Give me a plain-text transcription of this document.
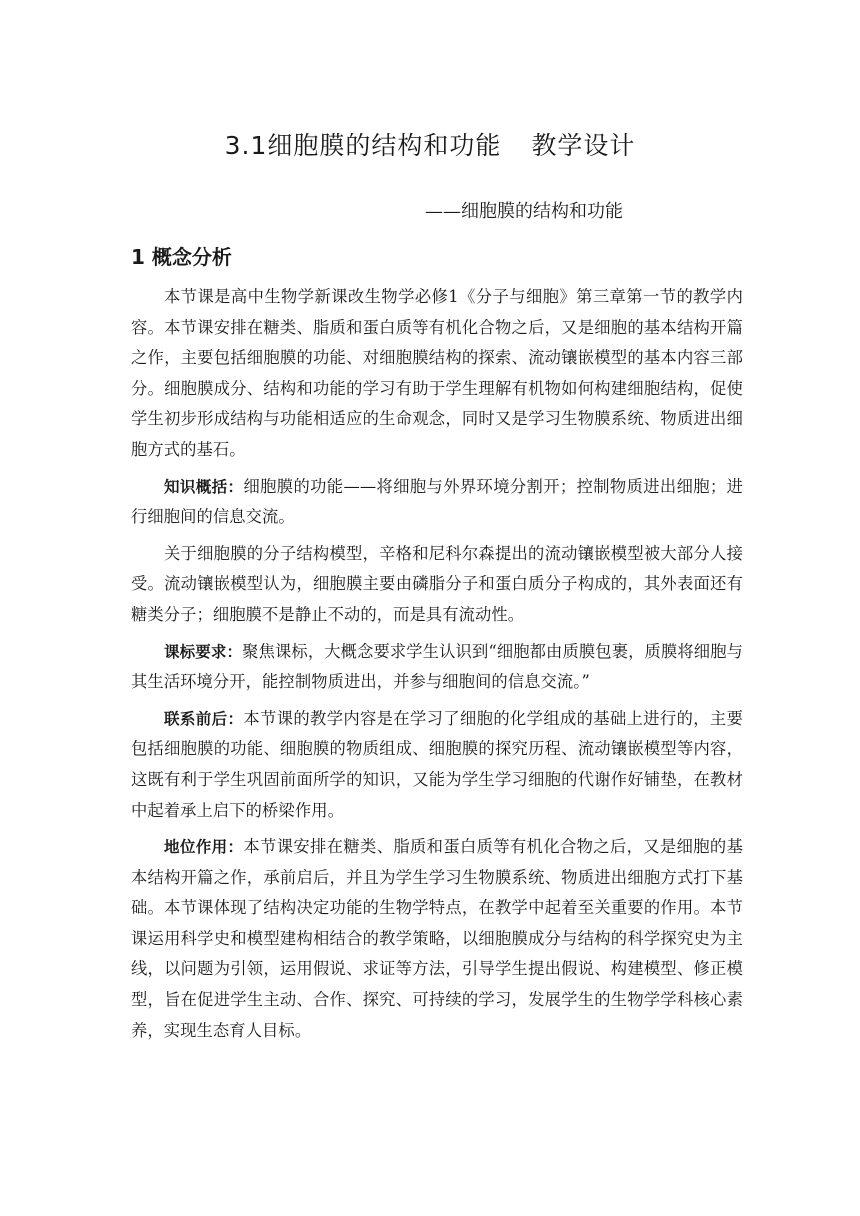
3.1细胞膜的结构和功能 教学设计
——细胞膜的结构和功能
1 概念分析

本节课是高中生物学新课改生物学必修1《分子与细胞》第三章第一节的教学内容。本节课安排在糖类、脂质和蛋白质等有机化合物之后，又是细胞的基本结构开篇之作，主要包括细胞膜的功能、对细胞膜结构的探索、流动镶嵌模型的基本内容三部分。细胞膜成分、结构和功能的学习有助于学生理解有机物如何构建细胞结构，促使学生初步形成结构与功能相适应的生命观念，同时又是学习生物膜系统、物质进出细胞方式的基石。

知识概括：细胞膜的功能——将细胞与外界环境分割开；控制物质进出细胞；进行细胞间的信息交流。

关于细胞膜的分子结构模型，辛格和尼科尔森提出的流动镶嵌模型被大部分人接受。流动镶嵌模型认为，细胞膜主要由磷脂分子和蛋白质分子构成的，其外表面还有糖类分子；细胞膜不是静止不动的，而是具有流动性。

课标要求：聚焦课标，大概念要求学生认识到“细胞都由质膜包裹，质膜将细胞与其生活环境分开，能控制物质进出，并参与细胞间的信息交流。”

联系前后：本节课的教学内容是在学习了细胞的化学组成的基础上进行的，主要包括细胞膜的功能、细胞膜的物质组成、细胞膜的探究历程、流动镶嵌模型等内容，这既有利于学生巩固前面所学的知识，又能为学生学习细胞的代谢作好铺垫，在教材中起着承上启下的桥梁作用。

地位作用：本节课安排在糖类、脂质和蛋白质等有机化合物之后，又是细胞的基本结构开篇之作，承前启后，并且为学生学习生物膜系统、物质进出细胞方式打下基础。本节课体现了结构决定功能的生物学特点，在教学中起着至关重要的作用。本节课运用科学史和模型建构相结合的教学策略，以细胞膜成分与结构的科学探究史为主线，以问题为引领，运用假说、求证等方法，引导学生提出假说、构建模型、修正模型，旨在促进学生主动、合作、探究、可持续的学习，发展学生的生物学学科核心素养，实现生态育人目标。
